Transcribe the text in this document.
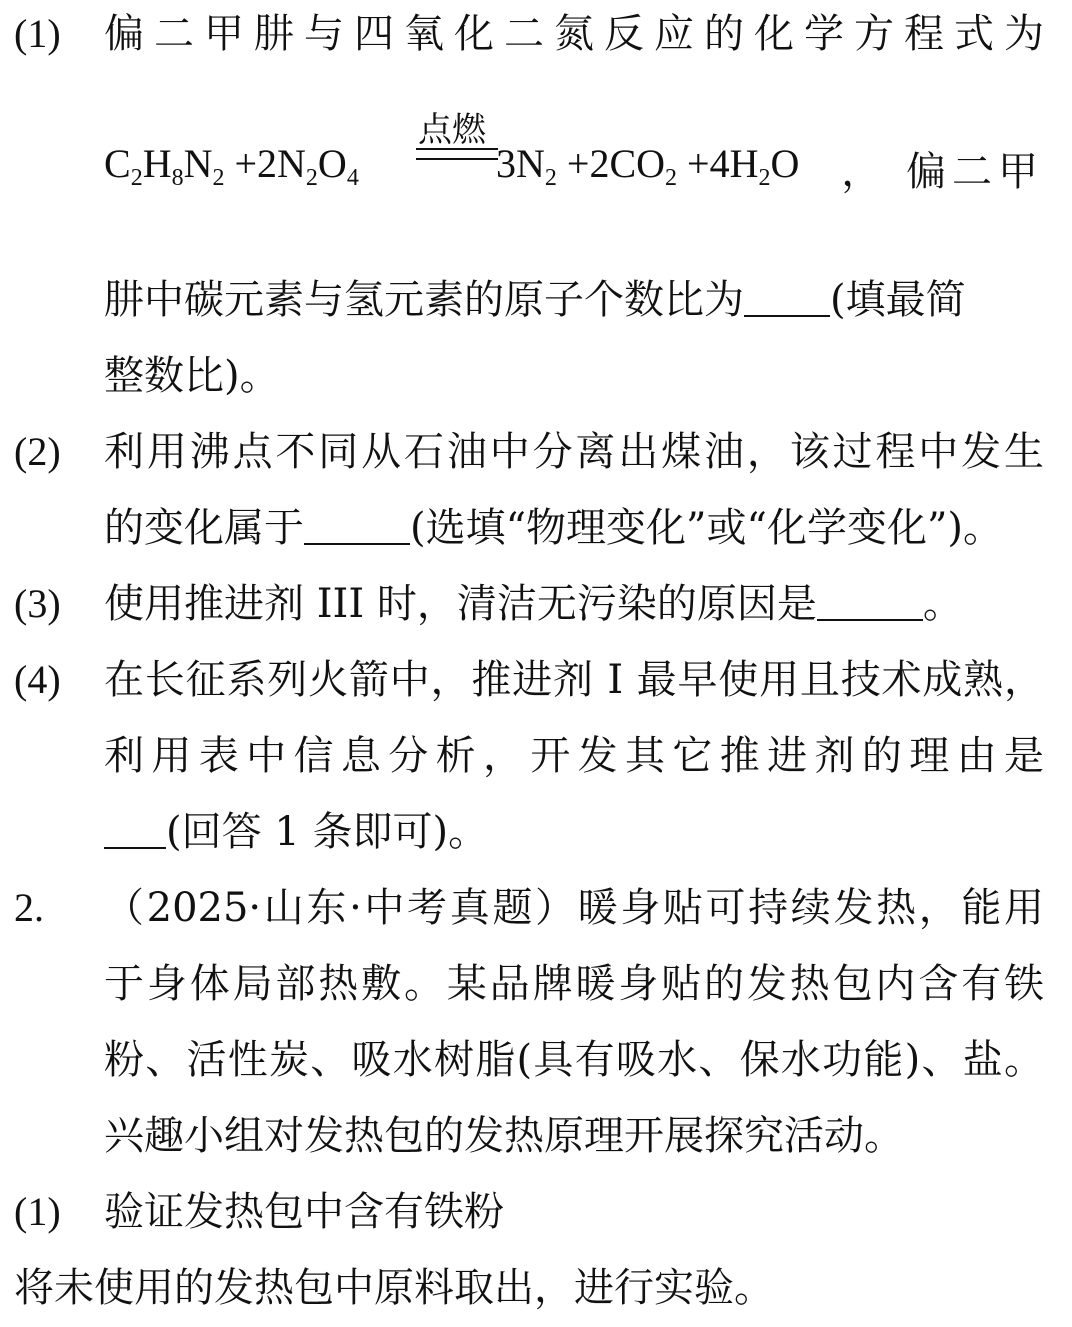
(1) 偏二甲肼与四氧化二氮反应的化学方程式为
点燃
$C_2H_8N_2 +2N_2O_4$	$3N_2 +2CO_2 +4H_2O$ ， 偏二甲
肼中碳元素与氢元素的原子个数比为 (填最简
整数比)。
(2) 利用沸点不同从石油中分离出煤油，该过程中发生
的变化属于	(选填“物理变化”或“化学变化”)。
(3) 使用推进剂 III 时，清洁无污染的原因是	。
(4) 在长征系列火箭中，推进剂 I 最早使用且技术成熟，
利用表中信息分析，开发其它推进剂的理由是
(回答 1 条即可)。
2. （2025·山东·中考真题）暖身贴可持续发热，能用
于身体局部热敷。某品牌暖身贴的发热包内含有铁
粉、活性炭、吸水树脂(具有吸水、保水功能)、盐。
兴趣小组对发热包的发热原理开展探究活动。
(1) 验证发热包中含有铁粉
将未使用的发热包中原料取出，进行实验。
